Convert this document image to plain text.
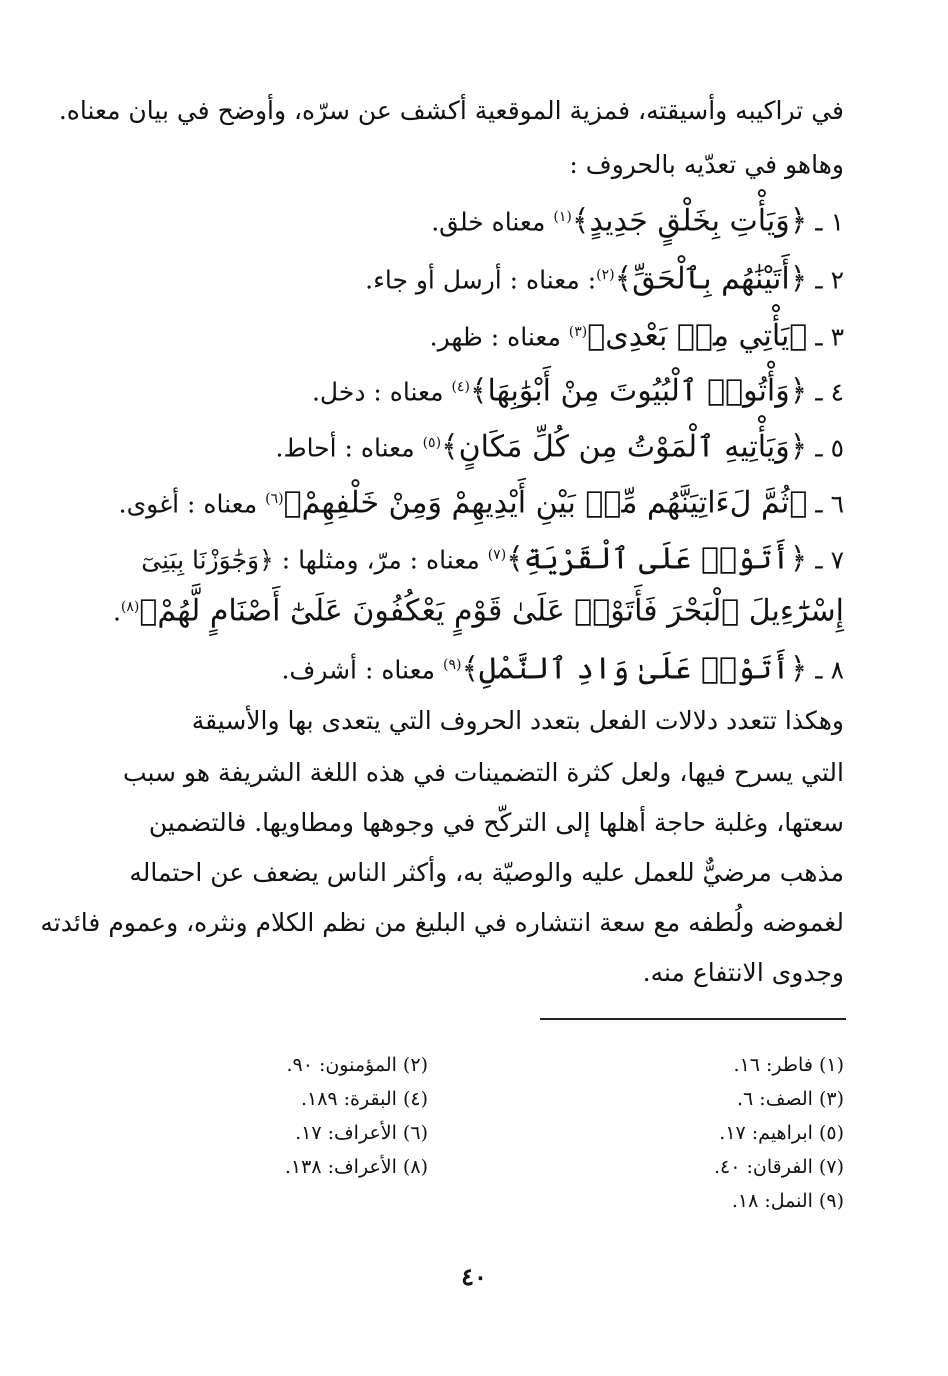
في تراكيبه وأسيقته، فمزية الموقعية أكشف عن سرّه، وأوضح في بيان معناه.
وهاهو في تعدّيه بالحروف :
١ ـ ﴿وَيَأْتِ بِخَلْقٍ جَدِيدٍ﴾$^{(١)}$ معناه خلق.
٢ ـ ﴿أَتَيْنَٰهُم بِٱلْحَقِّ﴾$^{(٢)}$: معناه : أرسل أو جاء.
٣ ـ ﴿يَأْتِي مِنۢ بَعْدِى﴾$^{(٣)}$ معناه : ظهر.
٤ ـ ﴿وَأْتُوا۟ ٱلْبُيُوتَ مِنْ أَبْوَٰبِهَا﴾$^{(٤)}$ معناه : دخل.
٥ ـ ﴿وَيَأْتِيهِ ٱلْمَوْتُ مِن كُلِّ مَكَانٍ﴾$^{(٥)}$ معناه : أحاط.
٦ ـ ﴿ثُمَّ لَءَاتِيَنَّهُم مِّنۢ بَيْنِ أَيْدِيهِمْ وَمِنْ خَلْفِهِمْ﴾$^{(٦)}$ معناه : أغوى.
٧ ـ ﴿أَتَوْا۟ عَلَى ٱلْقَرْيَةِ﴾$^{(٧)}$ معناه : مرّ، ومثلها : ﴿وَجَٰوَزْنَا بِبَنِىٓ
إِسْرَٰٓءِيلَ ٱلْبَحْرَ فَأَتَوْا۟ عَلَىٰ قَوْمٍ يَعْكُفُونَ عَلَىٰٓ أَصْنَامٍ لَّهُمْ﴾$^{(٨)}$.
٨ ـ ﴿أَتَوْا۟ عَلَىٰ وَادِ ٱلنَّمْلِ﴾$^{(٩)}$ معناه : أشرف.
وهكذا تتعدد دلالات الفعل بتعدد الحروف التي يتعدى بها والأسيقة
التي يسرح فيها، ولعل كثرة التضمينات في هذه اللغة الشريفة هو سبب
سعتها، وغلبة حاجة أهلها إلى التركّح في وجوهها ومطاويها. فالتضمين
مذهب مرضيٌّ للعمل عليه والوصيّة به، وأكثر الناس يضعف عن احتماله
لغموضه ولُطفه مع سعة انتشاره في البليغ من نظم الكلام ونثره، وعموم فائدته
وجدوى الانتفاع منه.
(١) فاطر: ١٦.
(٣) الصف: ٦.
(٥) ابراهيم: ١٧.
(٧) الفرقان: ٤٠.
(٩) النمل: ١٨.
(٢) المؤمنون: ٩٠.
(٤) البقرة: ١٨٩.
(٦) الأعراف: ١٧.
(٨) الأعراف: ١٣٨.
٤٠
